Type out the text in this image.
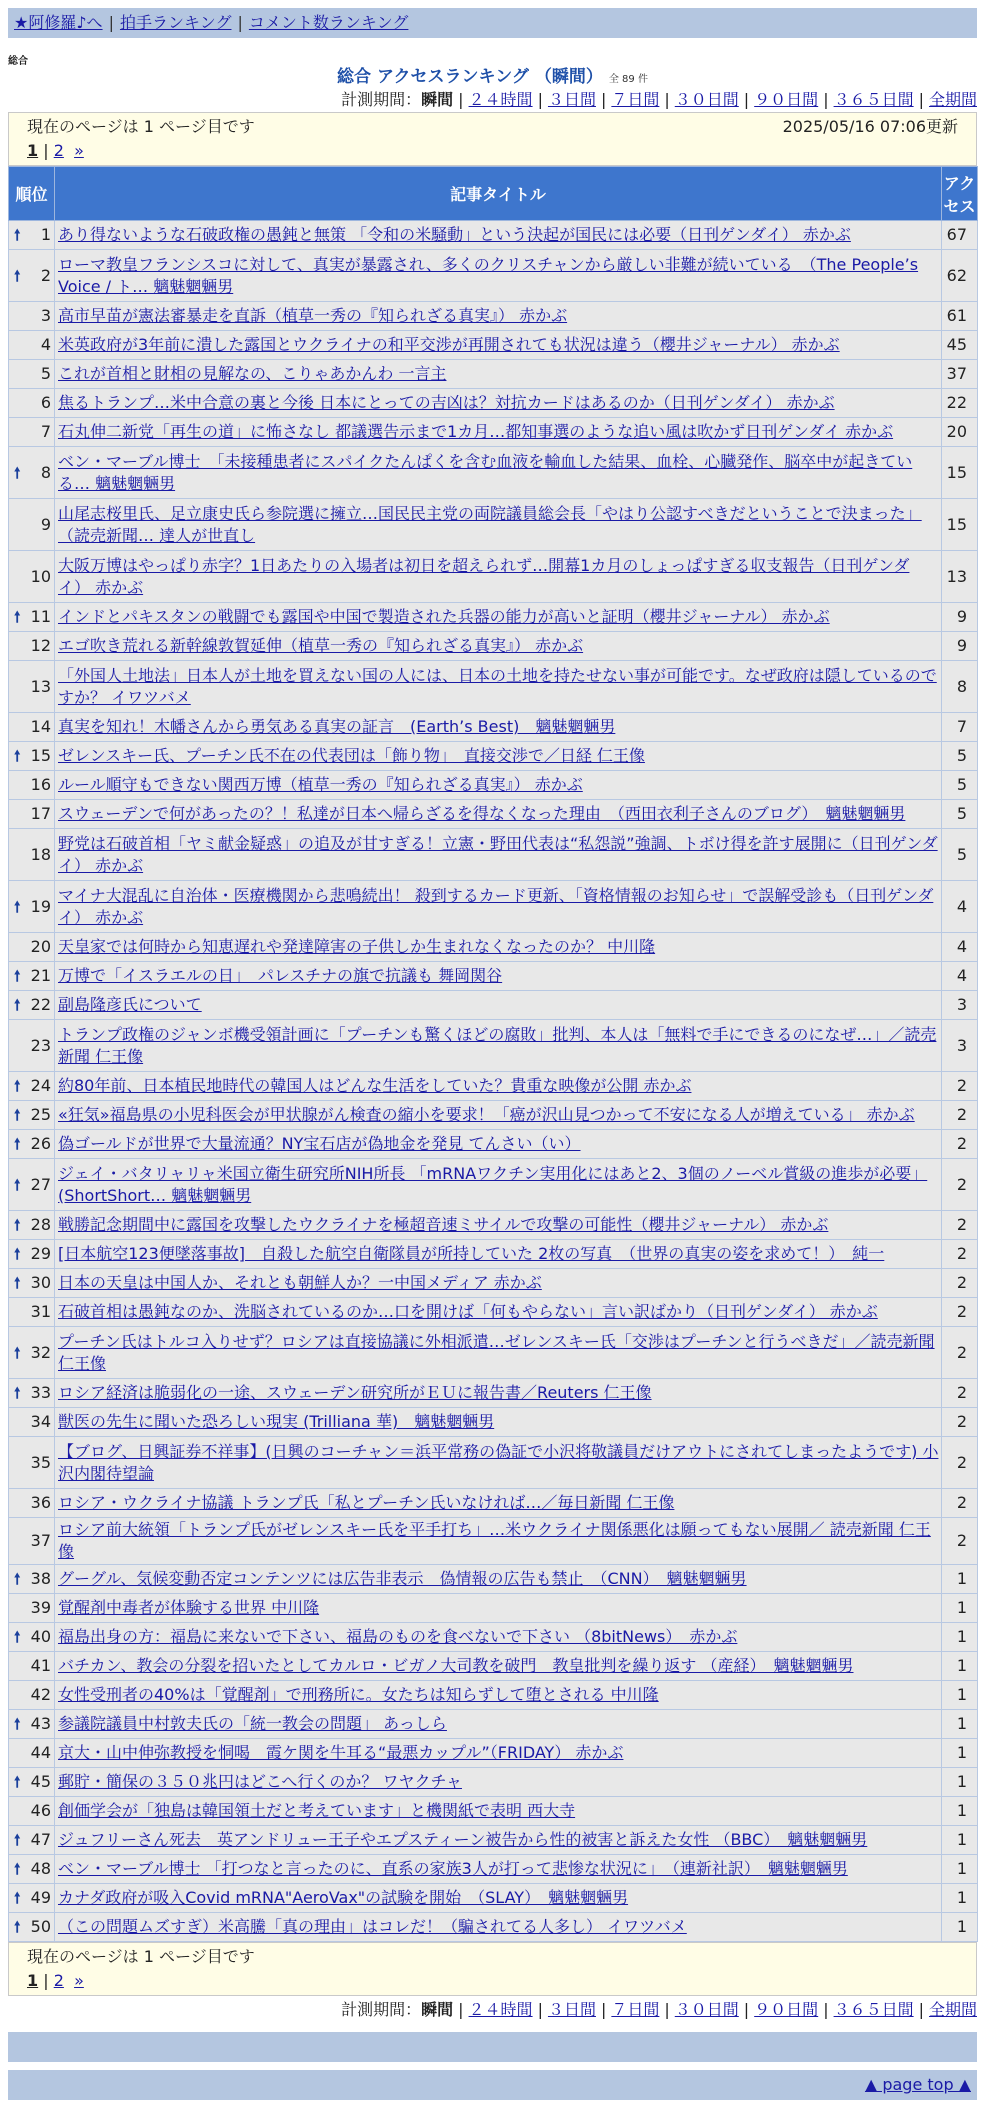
★阿修羅♪へ | 拍手ランキング | コメント数ランキング
総合
総合 アクセスランキング （瞬間） 全 89 件
計測期間：瞬間 | ２４時間 | ３日間 | ７日間 | ３０日間 | ９０日間 | ３６５日間 | 全期間
現在のページは 1 ページ目です	2025/05/16 07:06更新
1 | 2 »
順位	記事タイトル	アクセス

🠕 1	あり得ないような石破政権の愚鈍と無策 「令和の米騒動」という決起が国民には必要（日刊ゲンダイ） 赤かぶ	67

🠕 2	ローマ教皇フランシスコに対して、真実が暴露され、多くのクリスチャンから厳しい非難が続いている　（The People’s Voice / ト… 魑魅魍魎男	62
3	高市早苗が憲法審暴走を直訴（植草一秀の『知られざる真実』） 赤かぶ	61
4	米英政府が3年前に潰した露国とウクライナの和平交渉が再開されても状況は違う（櫻井ジャーナル） 赤かぶ	45
5	これが首相と財相の見解なの、こりゃあかんわ 一言主	37
6	焦るトランプ…米中合意の裏と今後 日本にとっての吉凶は？対抗カードはあるのか（日刊ゲンダイ） 赤かぶ	22
7	石丸伸二新党「再生の道」に怖さなし 都議選告示まで1カ月…都知事選のような追い風は吹かず日刊ゲンダイ 赤かぶ	20

🠕 8	ベン・マーブル博士　「未接種患者にスパイクたんぱくを含む血液を輸血した結果、血栓、心臓発作、脳卒中が起きている… 魑魅魍魎男	15
9	山尾志桜里氏、足立康史氏ら参院選に擁立…国民民主党の両院議員総会長「やはり公認すべきだということで決まった」（読売新聞… 達人が世直し	15
10	大阪万博はやっぱり赤字？1日あたりの入場者は初日を超えられず…開幕1カ月のしょっぱすぎる収支報告（日刊ゲンダイ） 赤かぶ	13

🠕 11	インドとパキスタンの戦闘でも露国や中国で製造された兵器の能力が高いと証明（櫻井ジャーナル） 赤かぶ	9
12	エゴ吹き荒れる新幹線敦賀延伸（植草一秀の『知られざる真実』） 赤かぶ	9
13	「外国人土地法」日本人が土地を買えない国の人には、日本の土地を持たせない事が可能です。なぜ政府は隠しているのですか？ イワツバメ	8
14	真実を知れ！木幡さんから勇気ある真実の証言　(Earth’s Best)　魑魅魍魎男	7

🠕 15	ゼレンスキー氏、プーチン氏不在の代表団は「飾り物」　直接交渉で／日経 仁王像	5
16	ルール順守もできない関西万博（植草一秀の『知られざる真実』） 赤かぶ	5
17	スウェーデンで何があったの？！私達が日本へ帰らざるを得なくなった理由　（西田衣利子さんのブログ）　魑魅魍魎男	5
18	野党は石破首相「ヤミ献金疑惑」の追及が甘すぎる！立憲・野田代表は“私怨説”強調、トボけ得を許す展開に（日刊ゲンダイ） 赤かぶ	5

🠕 19	マイナ大混乱に自治体・医療機関から悲鳴続出！ 殺到するカード更新、「資格情報のお知らせ」で誤解受診も（日刊ゲンダイ） 赤かぶ	4
20	天皇家では何時から知恵遅れや発達障害の子供しか生まれなくなったのか？ 中川隆	4

🠕 21	万博で「イスラエルの日」　パレスチナの旗で抗議も 舞岡関谷	4

🠕 22	副島隆彦氏について	3
23	トランプ政権のジャンボ機受領計画に「プーチンも驚くほどの腐敗」批判、本人は「無料で手にできるのになぜ…」／読売新聞 仁王像	3

🠕 24	約80年前、日本植民地時代の韓国人はどんな生活をしていた？貴重な映像が公開 赤かぶ	2

🠕 25	«狂気»福島県の小児科医会が甲状腺がん検査の縮小を要求！「癌が沢山見つかって不安になる人が増えている」 赤かぶ	2

🠕 26	偽ゴールドが世界で大量流通？NY宝石店が偽地金を発見 てんさい（い）	2

🠕 27	ジェイ・バタリャリャ米国立衛生研究所NIH所長 「mRNAワクチン実用化にはあと2、3個のノーベル賞級の進歩が必要」(ShortShort… 魑魅魍魎男	2

🠕 28	戦勝記念期間中に露国を攻撃したウクライナを極超音速ミサイルで攻撃の可能性（櫻井ジャーナル） 赤かぶ	2

🠕 29	[日本航空123便墜落事故]　自殺した航空自衛隊員が所持していた 2枚の写真　（世界の真実の姿を求めて！）　純一	2

🠕 30	日本の天皇は中国人か、それとも朝鮮人か？一中国メディア 赤かぶ	2
31	石破首相は愚鈍なのか、洗脳されているのか…口を開けば「何もやらない」言い訳ばかり（日刊ゲンダイ） 赤かぶ	2

🠕 32	プーチン氏はトルコ入りせず？ロシアは直接協議に外相派遣…ゼレンスキー氏「交渉はプーチンと行うべきだ」／読売新聞 仁王像	2

🠕 33	ロシア経済は脆弱化の一途、スウェーデン研究所がＥＵに報告書／Reuters 仁王像	2
34	獣医の先生に聞いた恐ろしい現実 (Trilliana 華)　魑魅魍魎男	2
35	【ブログ、日興証券不祥事】(日興のコーチャン＝浜平常務の偽証で小沢将敬議員だけアウトにされてしまったようです) 小沢内閣待望論	2
36	ロシア・ウクライナ協議 トランプ氏「私とプーチン氏いなければ…／毎日新聞 仁王像	2
37	ロシア前大統領「トランプ氏がゼレンスキー氏を平手打ち」…米ウクライナ関係悪化は願ってもない展開／ 読売新聞 仁王像	2

🠕 38	グーグル、気候変動否定コンテンツには広告非表示　偽情報の広告も禁止　（CNN）　魑魅魍魎男	1
39	覚醒剤中毒者が体験する世界 中川隆	1

🠕 40	福島出身の方：福島に来ないで下さい、福島のものを食べないで下さい （8bitNews）　赤かぶ	1
41	バチカン、教会の分裂を招いたとしてカルロ・ビガノ大司教を破門　教皇批判を繰り返す （産経）　魑魅魍魎男	1
42	女性受刑者の40%は「覚醒剤」で刑務所に。女たちは知らずして堕とされる 中川隆	1

🠕 43	参議院議員中村敦夫氏の「統一教会の問題」 あっしら	1
44	京大・山中伸弥教授を恫喝　霞ケ関を牛耳る“最悪カップル”（FRIDAY） 赤かぶ	1

🠕 45	郵貯・簡保の３５０兆円はどこへ行くのか？ ワヤクチャ	1
46	創価学会が「独島は韓国領土だと考えています」と機関紙で表明 西大寺	1

🠕 47	ジュフリーさん死去　英アンドリュー王子やエプスティーン被告から性的被害と訴えた女性 （BBC）　魑魅魍魎男	1

🠕 48	ベン・マーブル博士 「打つなと言ったのに、直系の家族3人が打って悲惨な状況に」　（連新社訳）　魑魅魍魎男	1

🠕 49	カナダ政府が吸入Covid mRNA"AeroVax"の試験を開始　（SLAY）　魑魅魍魎男	1

🠕 50	（この問題ムズすぎ）米高騰「真の理由」はコレだ！（騙されてる人多し） イワツバメ	1
現在のページは 1 ページ目です
1 | 2 »
計測期間：瞬間 | ２４時間 | ３日間 | ７日間 | ３０日間 | ９０日間 | ３６５日間 | 全期間
▲ page top ▲
